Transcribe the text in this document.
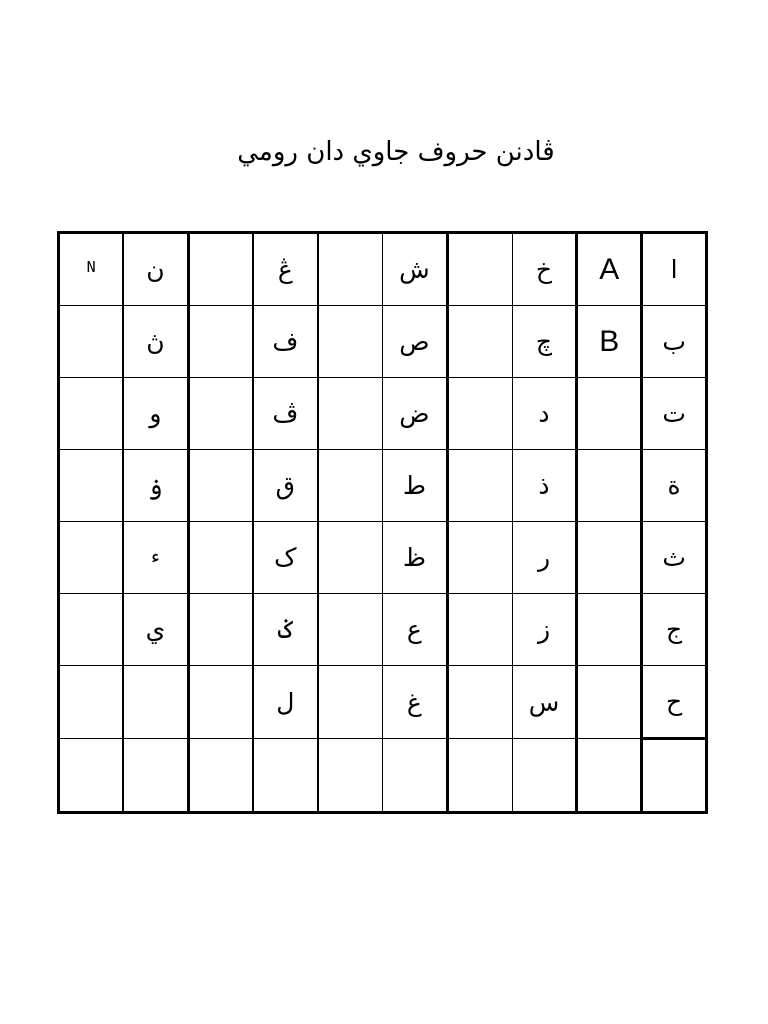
ڤادنن حروف جاوي دان رومي
N	ن		ڠ		ش		خ	A	ا
	ڽ		ف		ص		چ	B	ب
	و		ڤ		ض		د		ت
	ۏ		ق		ط		ذ		ة
	ء		ک		ظ		ر		ث
	ي		ݢ		ع		ز		ج
			ل		غ		س		ح
